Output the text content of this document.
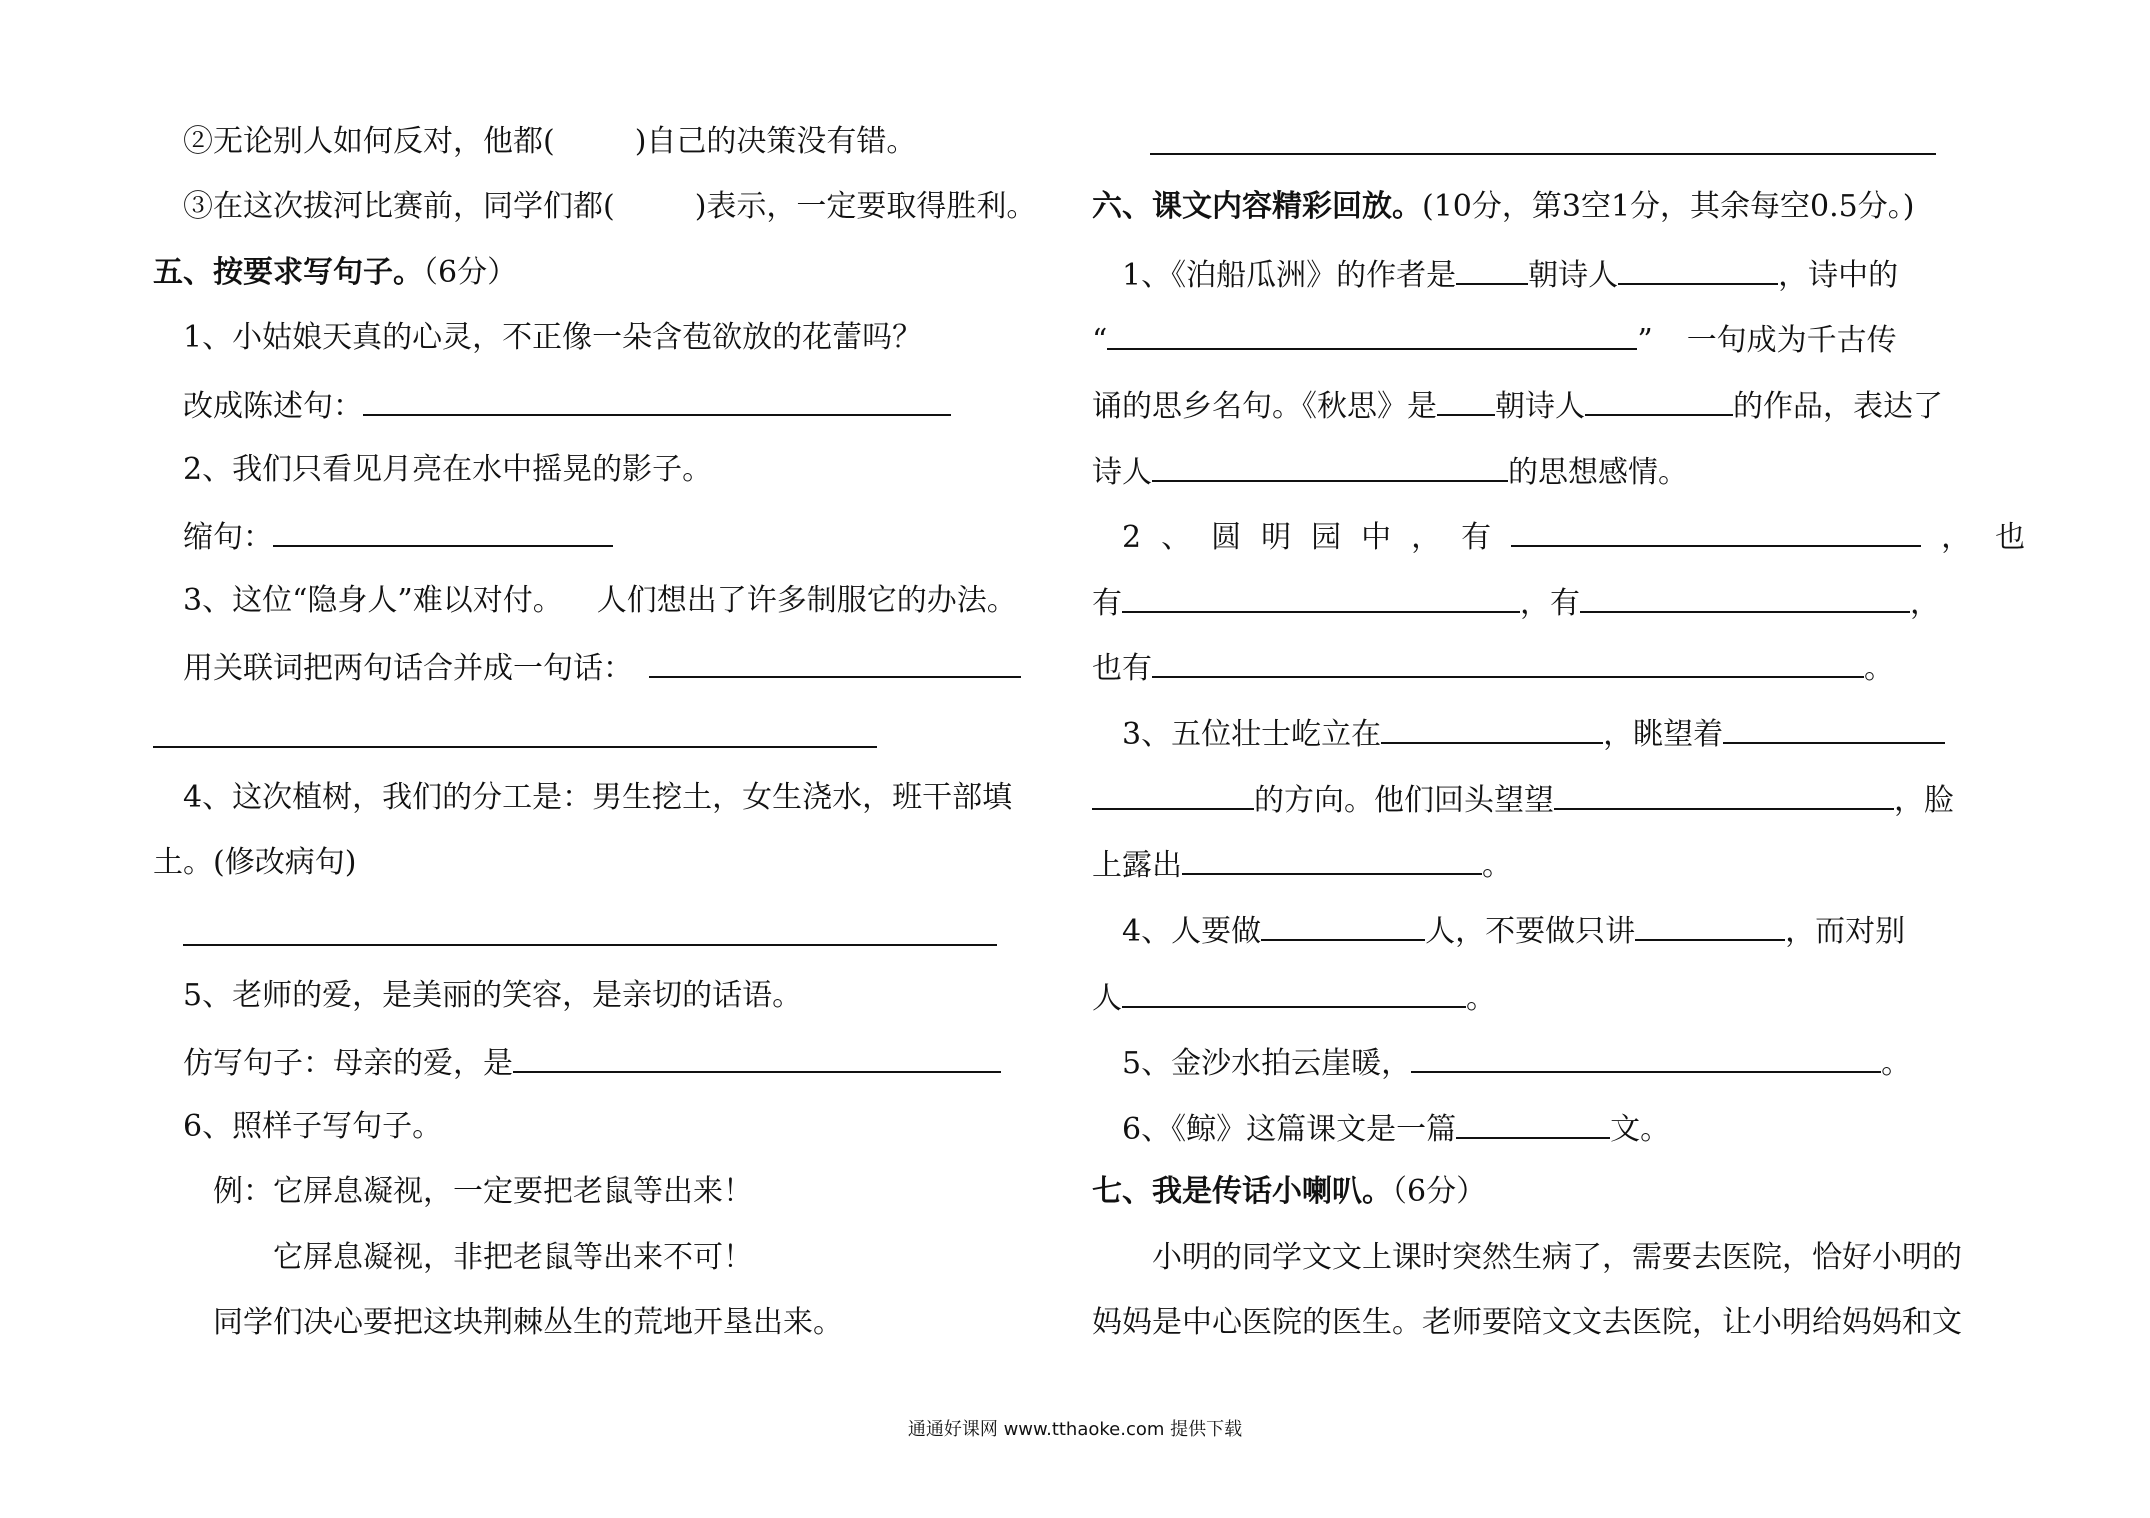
②无论别人如何反对，他都(	)自己的决策没有错。
③在这次拔河比赛前，同学们都(	)表示，一定要取得胜利。
五、按要求写句子。（6分）
1、小姑娘天真的心灵，不正像一朵含苞欲放的花蕾吗？
改成陈述句：
2、我们只看见月亮在水中摇晃的影子。
缩句：
3、这位“隐身人”难以对付。 人们想出了许多制服它的办法。
用关联词把两句话合并成一句话：
4、这次植树，我们的分工是：男生挖土，女生浇水，班干部填
土。(修改病句)
5、老师的爱，是美丽的笑容，是亲切的话语。
仿写句子：母亲的爱，是
6、照样子写句子。
例：它屏息凝视，一定要把老鼠等出来！
它屏息凝视，非把老鼠等出来不可！
同学们决心要把这块荆棘丛生的荒地开垦出来。
六、课文内容精彩回放。(10分，第3空1分，其余每空0.5分。)
1、《泊船瓜洲》的作者是 朝诗人	，诗中的
“	” 一句成为千古传
诵的思乡名句。《秋思》是 朝诗人	的作品，表达了
诗人	的思想感情。
2、圆明园中，有	，也
有	，有	，
也有	。
3、五位壮士屹立在	，眺望着
的方向。他们回头望望	，脸
上露出	。
4、人要做	人，不要做只讲	，而对别
人	。
5、金沙水拍云崖暖，	。
6、《鲸》这篇课文是一篇	文。
七、我是传话小喇叭。（6分）
小明的同学文文上课时突然生病了，需要去医院，恰好小明的
妈妈是中心医院的医生。老师要陪文文去医院，让小明给妈妈和文
通通好课网 www.tthaoke.com 提供下载
